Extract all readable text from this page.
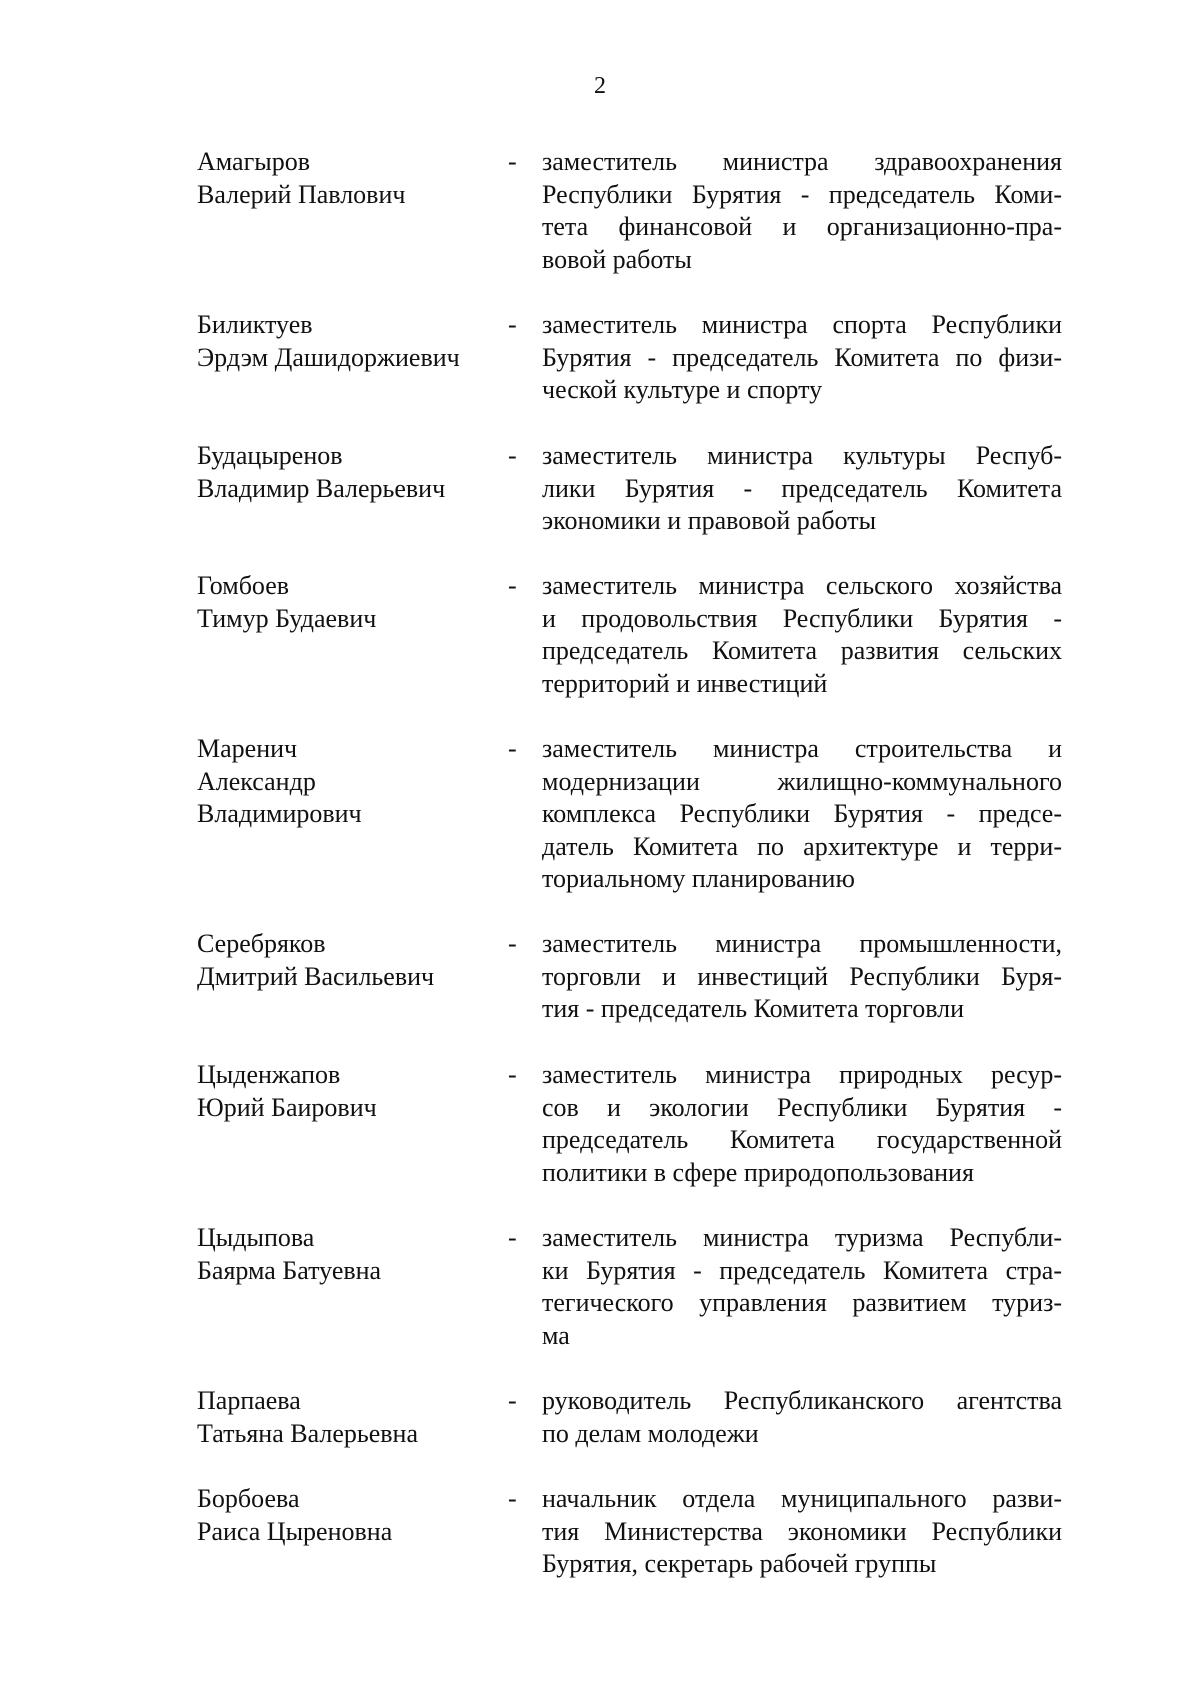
2
Амагыров
Валерий Павлович
- заместитель министра здравоохранения
Республики Бурятия - председатель Коми-
тета финансовой и организационно-пра-
вовой работы
Биликтуев
Эрдэм Дашидоржиевич
- заместитель министра спорта Республики
Бурятия - председатель Комитета по физи-
ческой культуре и спорту
Будацыренов
Владимир Валерьевич
- заместитель министра культуры Респуб-
лики Бурятия - председатель Комитета
экономики и правовой работы
Гомбоев
Тимур Будаевич
- заместитель министра сельского хозяйства
и продовольствия Республики Бурятия -
председатель Комитета развития сельских
территорий и инвестиций
Маренич
Александр
Владимирович
- заместитель министра строительства и
модернизации жилищно-коммунального
комплекса Республики Бурятия - предсе-
датель Комитета по архитектуре и терри-
ториальному планированию
Серебряков
Дмитрий Васильевич
- заместитель министра промышленности,
торговли и инвестиций Республики Буря-
тия - председатель Комитета торговли
Цыденжапов
Юрий Баирович
- заместитель министра природных ресур-
сов и экологии Республики Бурятия -
председатель Комитета государственной
политики в сфере природопользования
Цыдыпова
Баярма Батуевна
- заместитель министра туризма Республи-
ки Бурятия - председатель Комитета стра-
тегического управления развитием туриз-
ма
Парпаева
Татьяна Валерьевна
- руководитель Республиканского агентства
по делам молодежи
Борбоева
Раиса Цыреновна
- начальник отдела муниципального разви-
тия Министерства экономики Республики
Бурятия, секретарь рабочей группы
